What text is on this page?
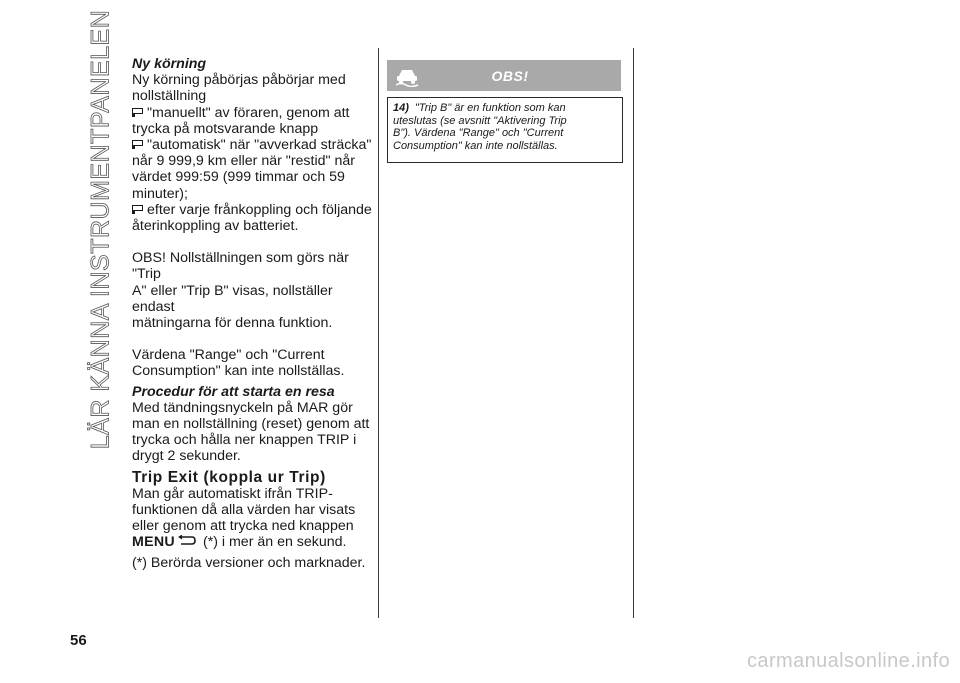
LÄR KÄNNA INSTRUMENTPANELEN Ny körning

Ny körning påbörjas påbörjar med

nollställning

"manuellt" av föraren, genom att

trycka på motsvarande knapp

"automatisk" när "avverkad sträcka"

når 9 999,9 km eller när "restid" når

värdet 999:59 (999 timmar och 59

minuter);

efter varje frånkoppling och följande

återinkoppling av batteriet.

OBS! Nollställningen som görs när "Trip

A" eller "Trip B" visas, nollställer endast

mätningarna för denna funktion.

Värdena "Range" och "Current

Consumption" kan inte nollställas.

Procedur för att starta en resa

Med tändningsnyckeln på MAR gör

man en nollställning (reset) genom att

trycka och hålla ner knappen TRIP i

drygt 2 sekunder.

Trip Exit (koppla ur Trip)

Man går automatiskt ifrån TRIP-

funktionen då alla värden har visats

eller genom att trycka ned knappen

MENU (*) i mer än en sekund.

(*) Berörda versioner och marknader.

OBS!
14) "Trip B" är en funktion som kan
uteslutas (se avsnitt "Aktivering Trip
B"). Värdena "Range" och "Current
Consumption" kan inte nollställas.
56
carmanualsonline.info
